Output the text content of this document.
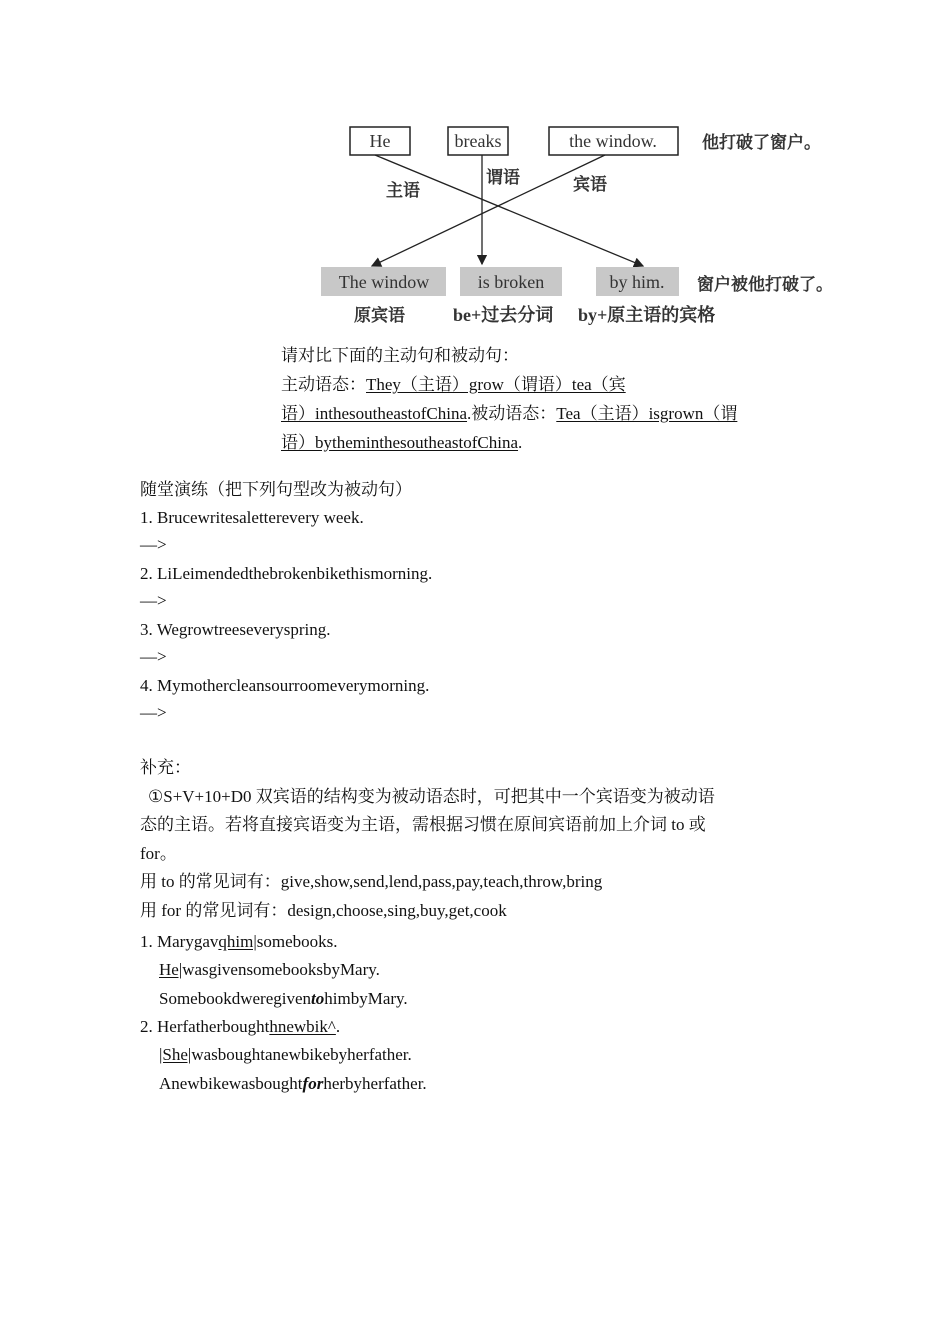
He	breaks	the window.	他打破了窗户。
主语
谓语	宾语
The window	is broken	by him. 窗户被他打破了。
原宾语	be+过去分词 by+原主语的宾格
请对比下面的主动句和被动句：
主动语态：They（主语）grow（谓语）tea（宾
语）inthesoutheastofChina.被动语态：Tea（主语）isgrown（谓
语）bytheminthesoutheastofChina.
随堂演练（把下列句型改为被动句）
1. Brucewritesaletterevery week.
—>
2. LiLeimendedthebrokenbikethismorning.
—>
3. Wegrowtreeseveryspring.
—>
4. Mymothercleansourroomeverymorning.
—>
补充：
①S+V+10+D0 双宾语的结构变为被动语态时，可把其中一个宾语变为被动语
态的主语。若将直接宾语变为主语，需根据习惯在原间宾语前加上介词 to 或
for。
用 to 的常见词有：give,show,send,lend,pass,pay,teach,throw,bring
用 for 的常见词有：design,choose,sing,buy,get,cook
1. Marygavqhim|somebooks.
He|wasgivensomebooksbyMary.
SomebookdweregiventohimbyMary.
2. Herfatherboughthnewbik^.
|She|wasboughtanewbikebyherfather.
Anewbikewasboughtforherbyherfather.
